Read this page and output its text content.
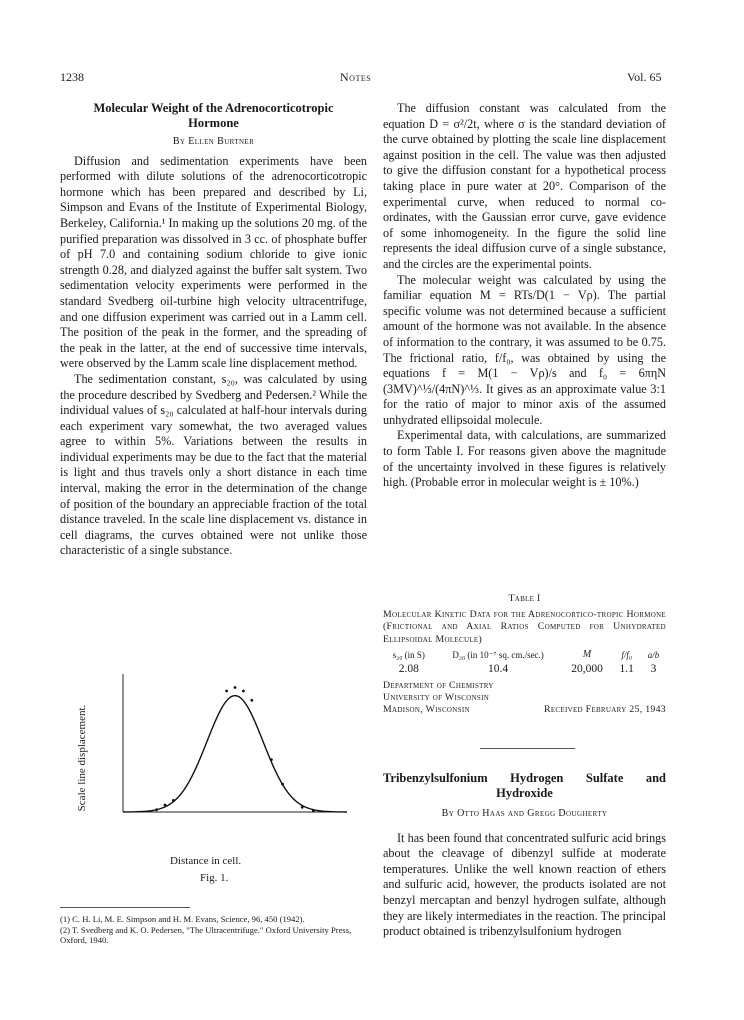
1238	Notes	Vol. 65
Molecular Weight of the Adrenocorticotropic
Hormone
By Ellen Burtner

Diffusion and sedimentation experiments have been performed with dilute solutions of the adrenocorticotropic hormone which has been prepared and described by Li, Simpson and Evans of the Institute of Experimental Biology, Berkeley, California.¹ In making up the solutions 20 mg. of the purified preparation was dissolved in 3 cc. of phosphate buffer of pH 7.0 and containing sodium chloride to give ionic strength 0.28, and dialyzed against the buffer salt system. Two sedimentation velocity experiments were performed in the standard Svedberg oil-turbine high velocity ultracentrifuge, and one diffusion experiment was carried out in a Lamm cell. The position of the peak in the former, and the spreading of the peak in the latter, at the end of successive time intervals, were observed by the Lamm scale line displacement method.

The sedimentation constant, s₂₀, was calculated by using the procedure described by Svedberg and Pedersen.² While the individual values of s₂₀ calculated at half-hour intervals during each experiment vary somewhat, the two averaged values agree to within 5%. Variations between the results in individual experiments may be due to the fact that the material is light and thus travels only a short distance in each time interval, making the error in the determination of the change of position of the boundary an appreciable fraction of the total distance traveled. In the scale line displacement vs. distance in cell diagrams, the curves obtained were not unlike those characteristic of a single substance.

Scale line displacement.
Distance in cell.
Fig. 1.

(1) C. H. Li, M. E. Simpson and H. M. Evans, Science, 96, 450 (1942).

(2) T. Svedberg and K. O. Pedersen, "The Ultracentrifuge." Oxford University Press, Oxford, 1940.

The diffusion constant was calculated from the equation D = σ²/2t, where σ is the standard deviation of the curve obtained by plotting the scale line displacement against position in the cell. The value was then adjusted to give the diffusion constant for a hypothetical process taking place in pure water at 20°. Comparison of the experimental curve, when reduced to normal co-ordinates, with the Gaussian error curve, gave evidence of some inhomogeneity. In the figure the solid line represents the ideal diffusion curve of a single substance, and the circles are the experimental points.

The molecular weight was calculated by using the familiar equation M = RTs/D(1 − Vρ). The partial specific volume was not determined because a sufficient amount of the hormone was not available. In the absence of information to the contrary, it was assumed to be 0.75. The frictional ratio, f/f₀, was obtained by using the equations f = M(1 − Vρ)/s and f₀ = 6πηN (3MV)^⅓/(4πN)^⅓. It gives as an approximate value 3:1 for the ratio of major to minor axis of the assumed unhydrated ellipsoidal molecule.

Experimental data, with calculations, are summarized to form Table I. For reasons given above the magnitude of the uncertainty involved in these figures is relatively high. (Probable error in molecular weight is ± 10%.)

Table I
Molecular Kinetic Data for the Adrenocortico-tropic Hormone (Frictional and Axial Ratios Computed for Unhydrated Ellipsoidal Molecule)
s₂₀ (in S)	D₂₀ (in 10⁻⁷ sq. cm./sec.)	M	f/f₀	a/b
2.08	10.4	20,000	1.1	3
Department of Chemistry
University of Wisconsin
Madison, Wisconsin	Received February 25, 1943
Tribenzylsulfonium Hydrogen Sulfate and
Hydroxide
By Otto Haas and Gregg Dougherty

It has been found that concentrated sulfuric acid brings about the cleavage of dibenzyl sulfide at moderate temperatures. Unlike the well known reaction of ethers and sulfuric acid, however, the products isolated are not benzyl mercaptan and benzyl hydrogen sulfate, although they are likely intermediates in the reaction. The principal product obtained is tribenzylsulfonium hydrogen
